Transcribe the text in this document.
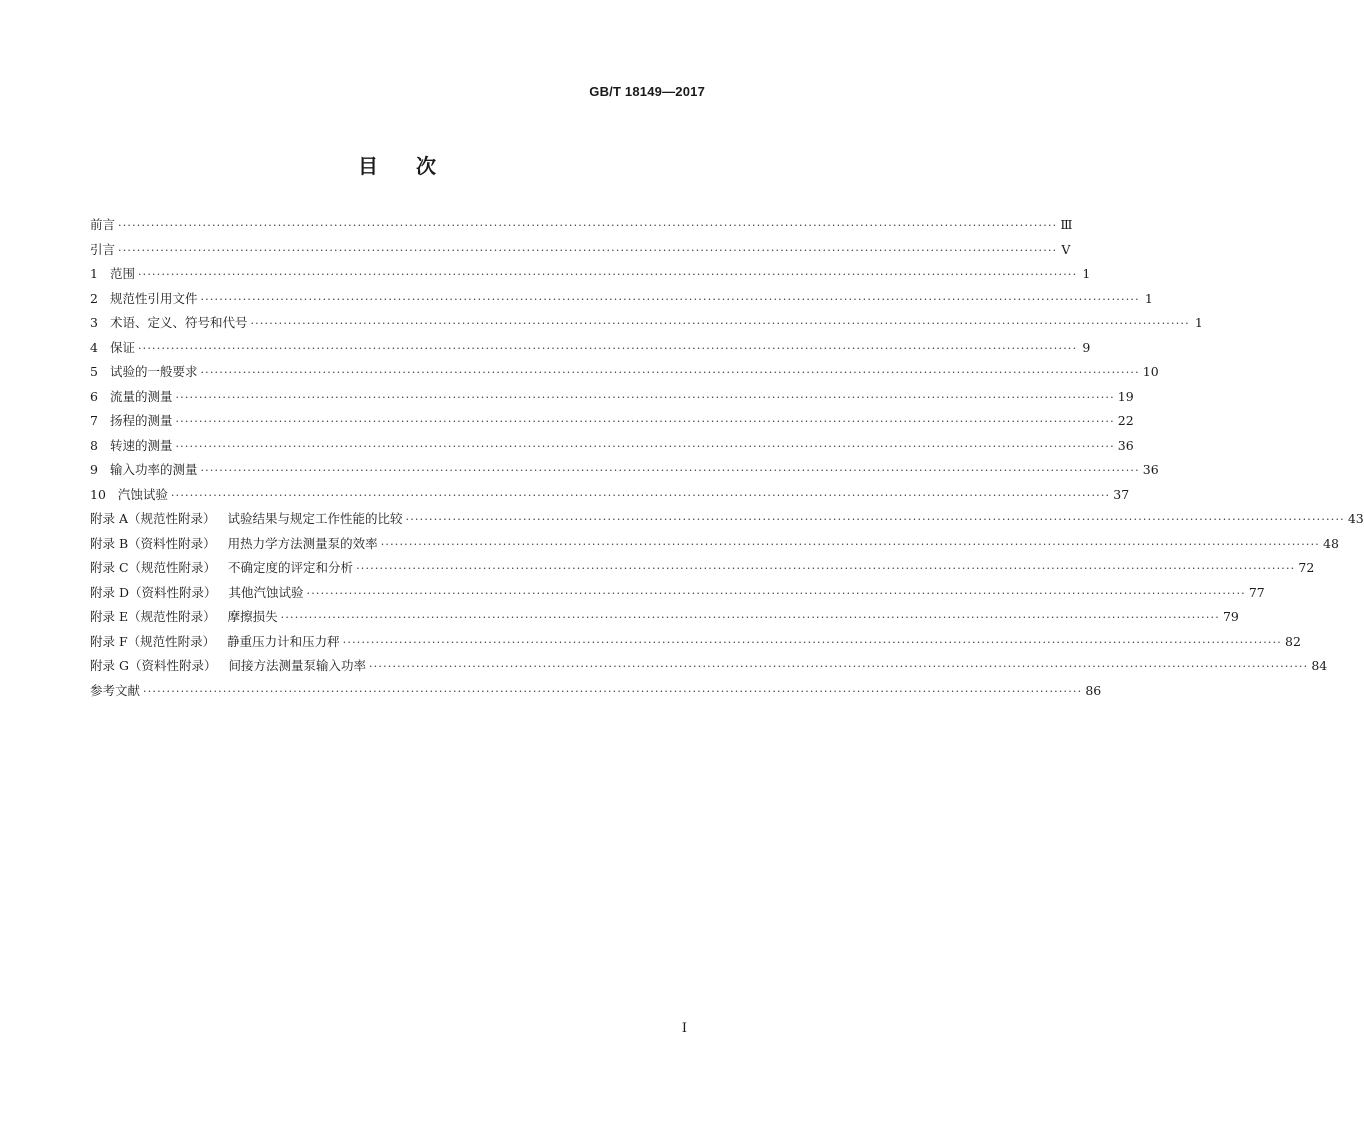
GB/T 18149—2017
目次
前言 ········································································································································································································ Ⅲ
引言 ········································································································································································································ Ⅴ
1 范围 ········································································································································································································ 1
2 规范性引用文件 ········································································································································································································ 1
3 术语、定义、符号和代号 ········································································································································································································ 1
4 保证 ········································································································································································································ 9
5 试验的一般要求 ········································································································································································································ 10
6 流量的测量 ········································································································································································································ 19
7 扬程的测量 ········································································································································································································ 22
8 转速的测量 ········································································································································································································ 36
9 输入功率的测量 ········································································································································································································ 36
10 汽蚀试验 ········································································································································································································ 37
附录 A（规范性附录） 试验结果与规定工作性能的比较 ········································································································································································································ 43
附录 B（资料性附录） 用热力学方法测量泵的效率 ········································································································································································································ 48
附录 C（规范性附录） 不确定度的评定和分析 ········································································································································································································ 72
附录 D（资料性附录） 其他汽蚀试验 ········································································································································································································ 77
附录 E（规范性附录） 摩擦损失 ········································································································································································································ 79
附录 F（规范性附录） 静重压力计和压力秤 ········································································································································································································ 82
附录 G（资料性附录） 间接方法测量泵输入功率 ········································································································································································································ 84
参考文献 ········································································································································································································ 86
Ⅰ
